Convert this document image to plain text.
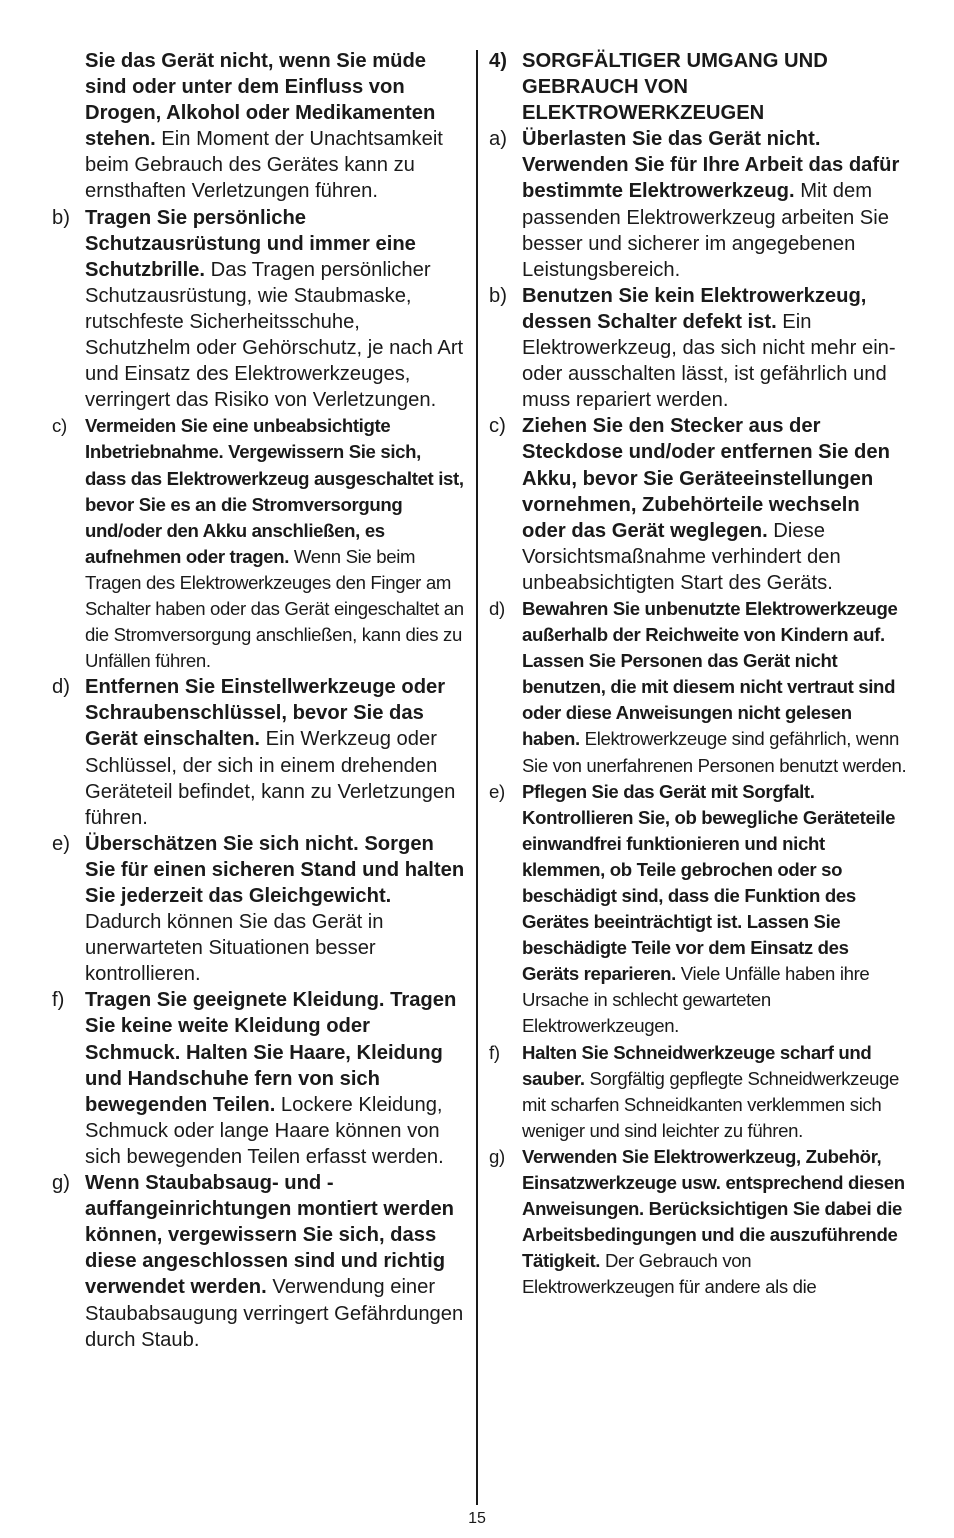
Sie das Gerät nicht, wenn Sie müde sind oder unter dem Einfluss von Drogen, Alkohol oder Medikamenten stehen. Ein Moment der Unachtsamkeit beim Gebrauch des Gerätes kann zu ernsthaften Verletzungen führen.
b) Tragen Sie persönliche Schutzausrüstung und immer eine Schutzbrille. Das Tragen persönlicher Schutzausrüstung, wie Staubmaske, rutschfeste Sicherheitsschuhe, Schutzhelm oder Gehörschutz, je nach Art und Einsatz des Elektrowerkzeuges, verringert das Risiko von Verletzungen.
c) Vermeiden Sie eine unbeabsichtigte Inbetriebnahme. Vergewissern Sie sich, dass das Elektrowerkzeug ausgeschaltet ist, bevor Sie es an die Stromversorgung und/oder den Akku anschließen, es aufnehmen oder tragen. Wenn Sie beim Tragen des Elektrowerkzeuges den Finger am Schalter haben oder das Gerät eingeschaltet an die Stromversorgung anschließen, kann dies zu Unfällen führen.
d) Entfernen Sie Einstellwerkzeuge oder Schraubenschlüssel, bevor Sie das Gerät einschalten. Ein Werkzeug oder Schlüssel, der sich in einem drehenden Geräteteil befindet, kann zu Verletzungen führen.
e) Überschätzen Sie sich nicht. Sorgen Sie für einen sicheren Stand und halten Sie jederzeit das Gleichgewicht. Dadurch können Sie das Gerät in unerwarteten Situationen besser kontrollieren.
f) Tragen Sie geeignete Kleidung. Tragen Sie keine weite Kleidung oder Schmuck. Halten Sie Haare, Kleidung und Handschuhe fern von sich bewegenden Teilen. Lockere Kleidung, Schmuck oder lange Haare können von sich bewegenden Teilen erfasst werden.
g) Wenn Staubabsaug- und -auffangeinrichtungen montiert werden können, vergewissern Sie sich, dass diese angeschlossen sind und richtig verwendet werden. Verwendung einer Staubabsaugung verringert Gefährdungen durch Staub.
4) SORGFÄLTIGER UMGANG UND GEBRAUCH VON ELEKTROWERKZEUGEN
a) Überlasten Sie das Gerät nicht. Verwenden Sie für Ihre Arbeit das dafür bestimmte Elektrowerkzeug. Mit dem passenden Elektrowerkzeug arbeiten Sie besser und sicherer im angegebenen Leistungsbereich.
b) Benutzen Sie kein Elektrowerkzeug, dessen Schalter defekt ist. Ein Elektrowerkzeug, das sich nicht mehr ein- oder ausschalten lässt, ist gefährlich und muss repariert werden.
c) Ziehen Sie den Stecker aus der Steckdose und/oder entfernen Sie den Akku, bevor Sie Geräteeinstellungen vornehmen, Zubehörteile wechseln oder das Gerät weglegen. Diese Vorsichtsmaßnahme verhindert den unbeabsichtigten Start des Geräts.
d) Bewahren Sie unbenutzte Elektrowerkzeuge außerhalb der Reichweite von Kindern auf. Lassen Sie Personen das Gerät nicht benutzen, die mit diesem nicht vertraut sind oder diese Anweisungen nicht gelesen haben. Elektrowerkzeuge sind gefährlich, wenn Sie von unerfahrenen Personen benutzt werden.
e) Pflegen Sie das Gerät mit Sorgfalt. Kontrollieren Sie, ob bewegliche Geräteteile einwandfrei funktionieren und nicht klemmen, ob Teile gebrochen oder so beschädigt sind, dass die Funktion des Gerätes beeinträchtigt ist. Lassen Sie beschädigte Teile vor dem Einsatz des Geräts reparieren. Viele Unfälle haben ihre Ursache in schlecht gewarteten Elektrowerkzeugen.
f) Halten Sie Schneidwerkzeuge scharf und sauber. Sorgfältig gepflegte Schneidwerkzeuge mit scharfen Schneidkanten verklemmen sich weniger und sind leichter zu führen.
g) Verwenden Sie Elektrowerkzeug, Zubehör, Einsatzwerkzeuge usw. entsprechend diesen Anweisungen. Berücksichtigen Sie dabei die Arbeitsbedingungen und die auszuführende Tätigkeit. Der Gebrauch von Elektrowerkzeugen für andere als die
15
